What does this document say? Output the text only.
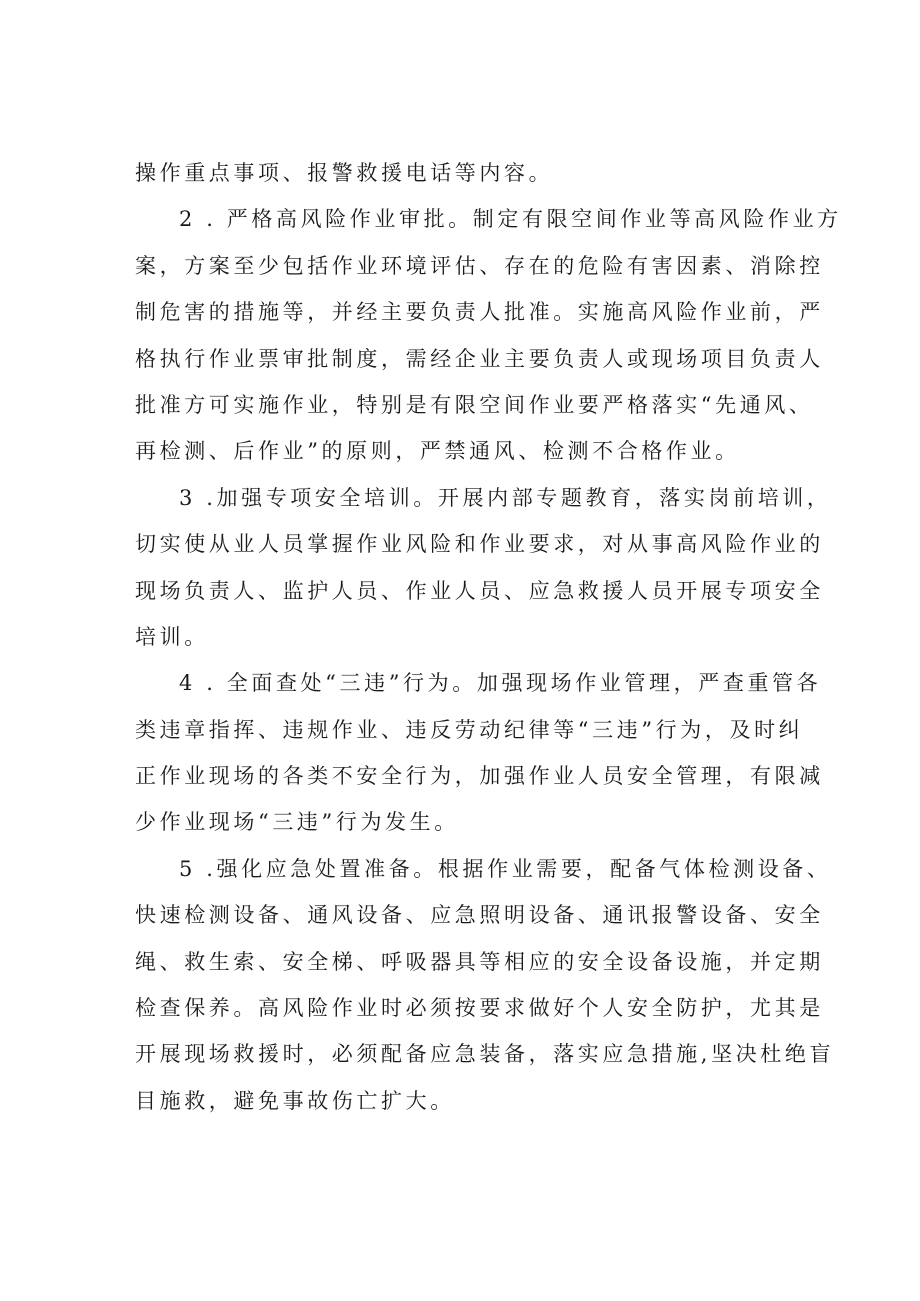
操作重点事项、报警救援电话等内容。
2 . 严格高风险作业审批。制定有限空间作业等高风险作业方
案，方案至少包括作业环境评估、存在的危险有害因素、消除控
制危害的措施等，并经主要负责人批准。实施高风险作业前，严
格执行作业票审批制度，需经企业主要负责人或现场项目负责人
批准方可实施作业，特别是有限空间作业要严格落实“先通风、
再检测、后作业”的原则，严禁通风、检测不合格作业。
3 .加强专项安全培训。开展内部专题教育，落实岗前培训，
切实使从业人员掌握作业风险和作业要求，对从事高风险作业的
现场负责人、监护人员、作业人员、应急救援人员开展专项安全
培训。
4 . 全面查处“三违”行为。加强现场作业管理，严查重管各
类违章指挥、违规作业、违反劳动纪律等“三违”行为，及时纠
正作业现场的各类不安全行为，加强作业人员安全管理，有限减
少作业现场“三违”行为发生。
5 .强化应急处置准备。根据作业需要，配备气体检测设备、
快速检测设备、通风设备、应急照明设备、通讯报警设备、安全
绳、救生索、安全梯、呼吸器具等相应的安全设备设施，并定期
检查保养。高风险作业时必须按要求做好个人安全防护，尤其是
开展现场救援时，必须配备应急装备，落实应急措施,坚决杜绝盲
目施救，避免事故伤亡扩大。
